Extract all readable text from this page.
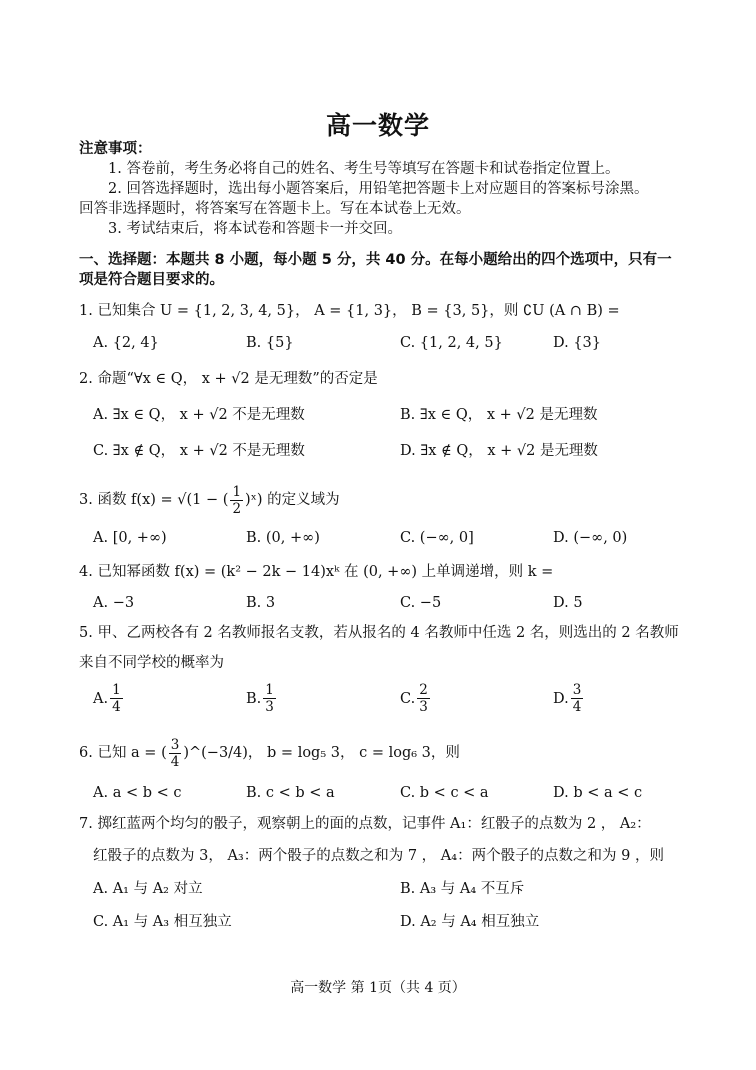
高一数学
注意事项：
1. 答卷前，考生务必将自己的姓名、考生号等填写在答题卡和试卷指定位置上。
2. 回答选择题时，选出每小题答案后，用铅笔把答题卡上对应题目的答案标号涂黑。
回答非选择题时，将答案写在答题卡上。写在本试卷上无效。
3. 考试结束后，将本试卷和答题卡一并交回。
一、选择题：本题共 8 小题，每小题 5 分，共 40 分。在每小题给出的四个选项中，只有一
项是符合题目要求的。
1. 已知集合 U = {1, 2, 3, 4, 5}， A = {1, 3}， B = {3, 5}，则 ∁U (A ∩ B) =
A. {2, 4}	B. {5}	C. {1, 2, 4, 5}	D. {3}
2. 命题“∀x ∈ Q， x + √2 是无理数”的否定是
A. ∃x ∈ Q， x + √2 不是无理数	B. ∃x ∈ Q， x + √2 是无理数
C. ∃x ∉ Q， x + √2 不是无理数	D. ∃x ∉ Q， x + √2 是无理数
3. 函数 f(x) = √(1 − ( $\frac{1}{2}$ )ˣ) 的定义域为
A. [0, +∞)	B. (0, +∞)	C. (−∞, 0]	D. (−∞, 0)
4. 已知幂函数 f(x) = (k² − 2k − 14)xᵏ 在 (0, +∞) 上单调递增，则 k =
A. −3	B. 3	C. −5	D. 5
5. 甲、乙两校各有 2 名教师报名支教，若从报名的 4 名教师中任选 2 名，则选出的 2 名教师
来自不同学校的概率为
A. $\frac{1}{4}$	B. $\frac{1}{3}$	C. $\frac{2}{3}$	D. $\frac{3}{4}$
6. 已知 a = ( $\frac{3}{4}$ )^(−3/4)， b = log₅ 3， c = log₆ 3，则
A. a < b < c	B. c < b < a	C. b < c < a	D. b < a < c
7. 掷红蓝两个均匀的骰子，观察朝上的面的点数，记事件 A₁：红骰子的点数为 2 ， A₂：
红骰子的点数为 3， A₃：两个骰子的点数之和为 7 ， A₄：两个骰子的点数之和为 9 ，则
A. A₁ 与 A₂ 对立	B. A₃ 与 A₄ 不互斥
C. A₁ 与 A₃ 相互独立	D. A₂ 与 A₄ 相互独立
高一数学 第 1页（共 4 页）
